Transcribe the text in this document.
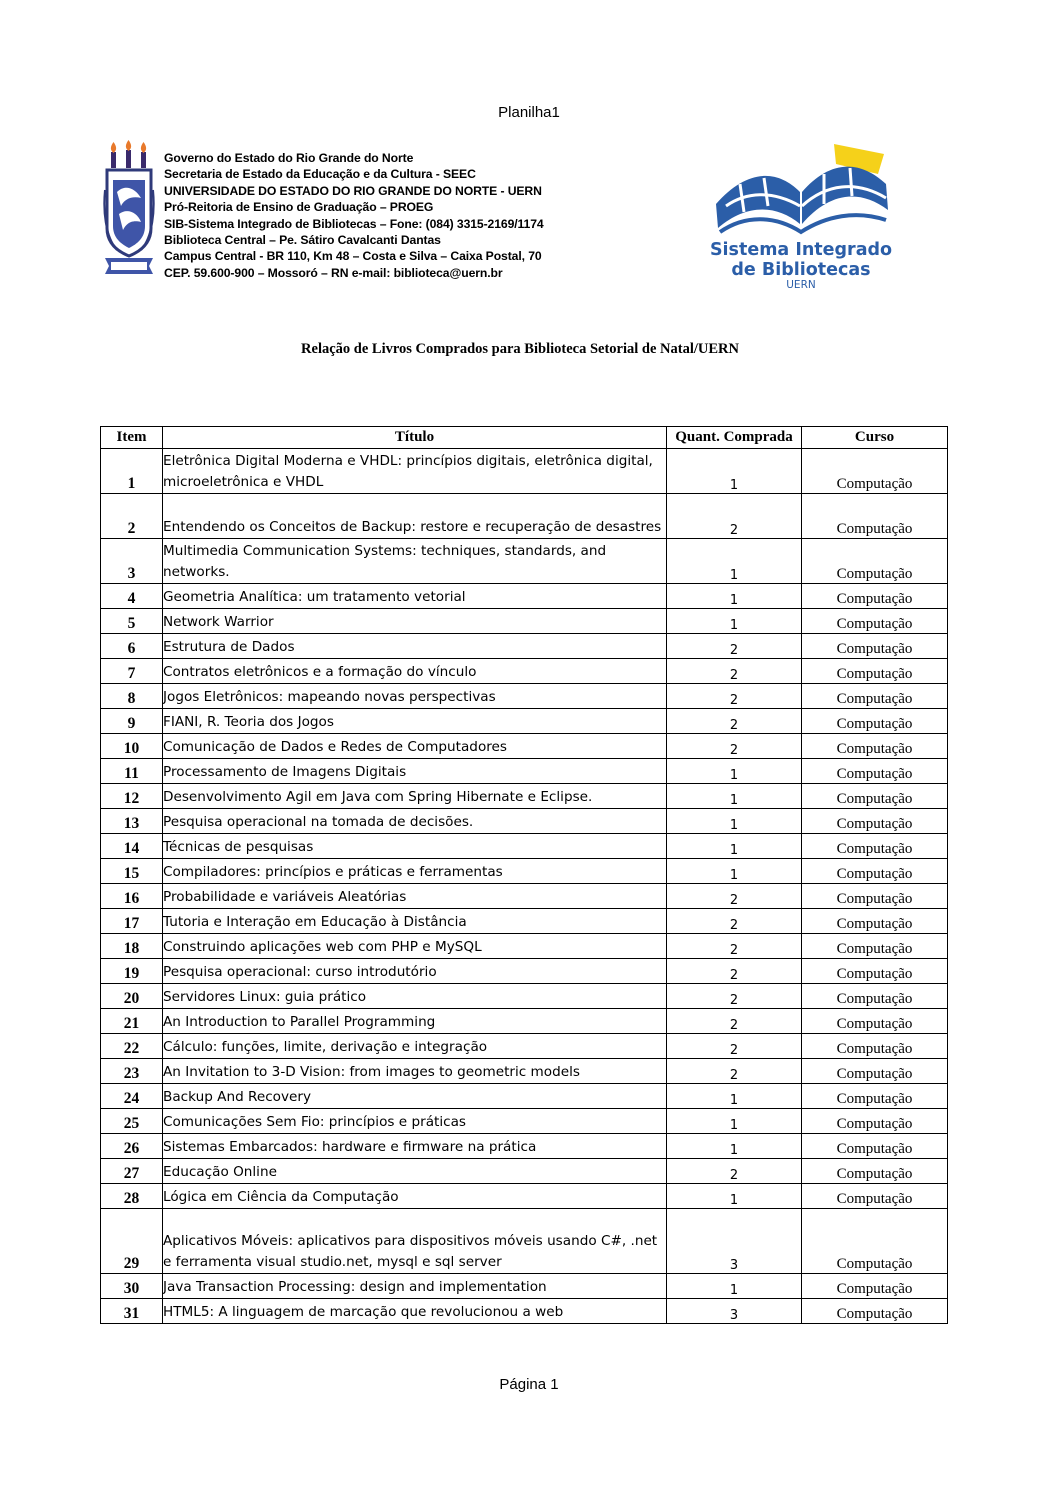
Planilha1
Governo do Estado do Rio Grande do Norte
Secretaria de Estado da Educação e da Cultura - SEEC
UNIVERSIDADE DO ESTADO DO RIO GRANDE DO NORTE - UERN
Pró-Reitoria de Ensino de Graduação – PROEG
SIB-Sistema Integrado de Bibliotecas – Fone: (084) 3315-2169/1174
Biblioteca Central – Pe. Sátiro Cavalcanti Dantas
Campus Central - BR 110, Km 48 – Costa e Silva – Caixa Postal, 70
CEP. 59.600-900 – Mossoró – RN e-mail: biblioteca@uern.br
Sistema Integrado
de Bibliotecas
UERN
Relação de Livros Comprados para Biblioteca Setorial de Natal/UERN
Item	Título	Quant. Comprada	Curso
1	Eletrônica Digital Moderna e VHDL: princípios digitais, eletrônica digital, microeletrônica e VHDL	1	Computação
2	Entendendo os Conceitos de Backup: restore e recuperação de desastres	2	Computação
3	Multimedia Communication Systems: techniques, standards, and networks.	1	Computação
4	Geometria Analítica: um tratamento vetorial	1	Computação
5	Network Warrior	1	Computação
6	Estrutura de Dados	2	Computação
7	Contratos eletrônicos e a formação do vínculo	2	Computação
8	Jogos Eletrônicos: mapeando novas perspectivas	2	Computação
9	FIANI, R. Teoria dos Jogos	2	Computação
10	Comunicação de Dados e Redes de Computadores	2	Computação
11	Processamento de Imagens Digitais	1	Computação
12	Desenvolvimento Agil em Java com Spring Hibernate e Eclipse.	1	Computação
13	Pesquisa operacional na tomada de decisões.	1	Computação
14	Técnicas de pesquisas	1	Computação
15	Compiladores: princípios e práticas e ferramentas	1	Computação
16	Probabilidade e variáveis Aleatórias	2	Computação
17	Tutoria e Interação em Educação à Distância	2	Computação
18	Construindo aplicações web com PHP e MySQL	2	Computação
19	Pesquisa operacional: curso introdutório	2	Computação
20	Servidores Linux: guia prático	2	Computação
21	An Introduction to Parallel Programming	2	Computação
22	Cálculo: funções, limite, derivação e integração	2	Computação
23	An Invitation to 3-D Vision: from images to geometric models	2	Computação
24	Backup And Recovery	1	Computação
25	Comunicações Sem Fio: princípios e práticas	1	Computação
26	Sistemas Embarcados: hardware e firmware na prática	1	Computação
27	Educação Online	2	Computação
28	Lógica em Ciência da Computação	1	Computação
29	Aplicativos Móveis: aplicativos para dispositivos móveis usando C#, .net e ferramenta visual studio.net, mysql e sql server	3	Computação
30	Java Transaction Processing: design and implementation	1	Computação
31	HTML5: A linguagem de marcação que revolucionou a web	3	Computação
Página 1
